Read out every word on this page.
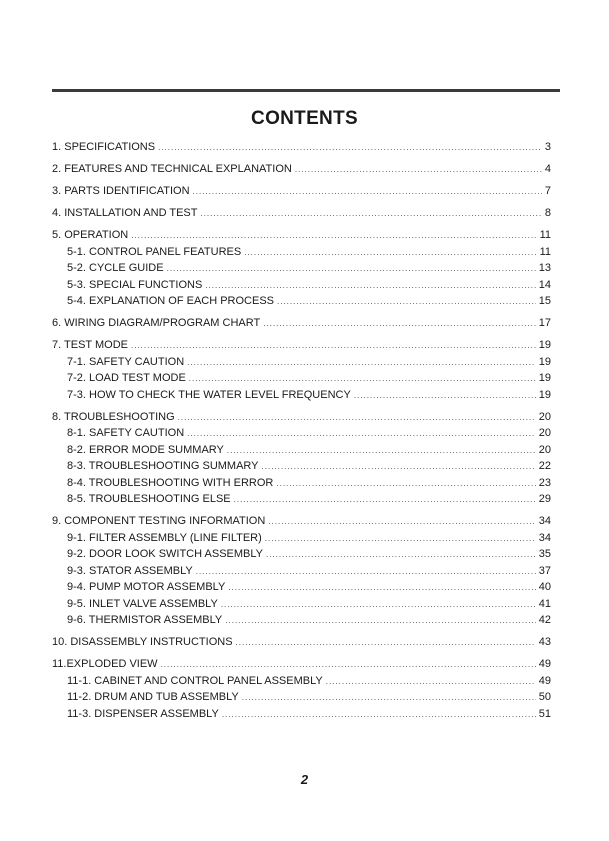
CONTENTS
1. SPECIFICATIONS .....	3
2. FEATURES AND TECHNICAL EXPLANATION .....	4
3. PARTS IDENTIFICATION .....	7
4. INSTALLATION AND TEST .....	8
5. OPERATION .....	11
5-1. CONTROL PANEL FEATURES .....	11
5-2. CYCLE GUIDE .....	13
5-3. SPECIAL FUNCTIONS .....	14
5-4. EXPLANATION OF EACH PROCESS .....	15
6. WIRING DIAGRAM/PROGRAM CHART .....	17
7. TEST MODE .....	19
7-1. SAFETY CAUTION .....	19
7-2. LOAD TEST MODE .....	19
7-3. HOW TO CHECK THE WATER LEVEL FREQUENCY .....	19
8. TROUBLESHOOTING .....	20
8-1. SAFETY CAUTION .....	20
8-2. ERROR MODE SUMMARY .....	20
8-3. TROUBLESHOOTING SUMMARY .....	22
8-4. TROUBLESHOOTING WITH ERROR .....	23
8-5. TROUBLESHOOTING ELSE .....	29
9. COMPONENT TESTING INFORMATION .....	34
9-1. FILTER ASSEMBLY (LINE FILTER) .....	34
9-2. DOOR LOOK SWITCH ASSEMBLY .....	35
9-3. STATOR ASSEMBLY .....	37
9-4. PUMP MOTOR ASSEMBLY .....	40
9-5. INLET VALVE ASSEMBLY .....	41
9-6. THERMISTOR ASSEMBLY .....	42
10. DISASSEMBLY INSTRUCTIONS .....	43
11.EXPLODED VIEW .....	49
11-1. CABINET AND CONTROL PANEL ASSEMBLY .....	49
11-2. DRUM AND TUB ASSEMBLY .....	50
11-3. DISPENSER ASSEMBLY .....	51
2
